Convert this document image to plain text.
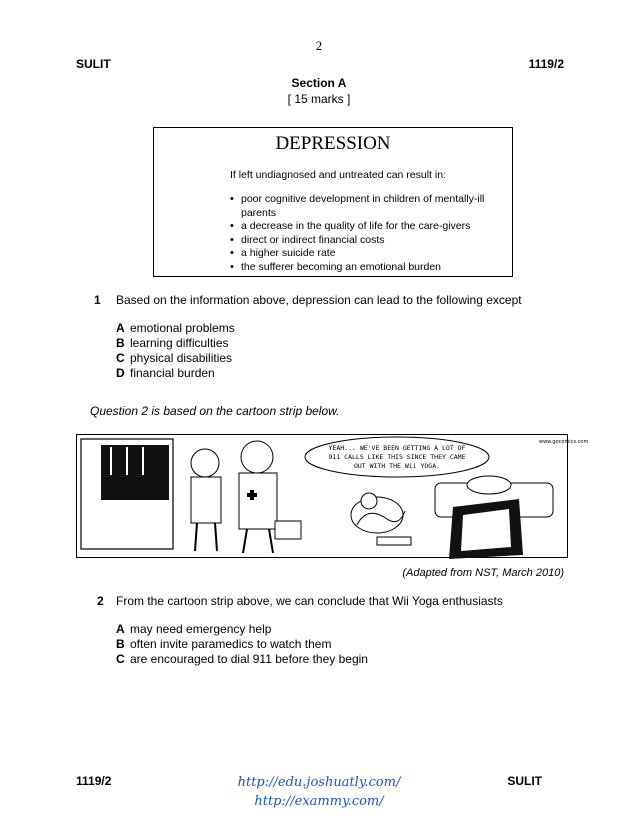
2
SULIT	1119/2
Section A
[ 15 marks ]
DEPRESSION
If left undiagnosed and untreated can result in:
• poor cognitive development in children of mentally-ill parents
• a decrease in the quality of life for the care-givers
• direct or indirect financial costs
• a higher suicide rate
• the sufferer becoming an emotional burden
1 Based on the information above, depression can lead to the following except
A emotional problems
B learning difficulties
C physical disabilities
D financial burden
Question 2 is based on the cartoon strip below.
YEAH... WE'VE BEEN GETTING A LOT OF
911 CALLS LIKE THIS SINCE THEY CAME
OUT WITH THE Wii YOGA.
www.gocomics.com
(Adapted from NST, March 2010)
2 From the cartoon strip above, we can conclude that Wii Yoga enthusiasts
A may need emergency help
B often invite paramedics to watch them
C are encouraged to dial 911 before they begin
1119/2	SULIT
http://edu.joshuatly.com/
http://exammy.com/
